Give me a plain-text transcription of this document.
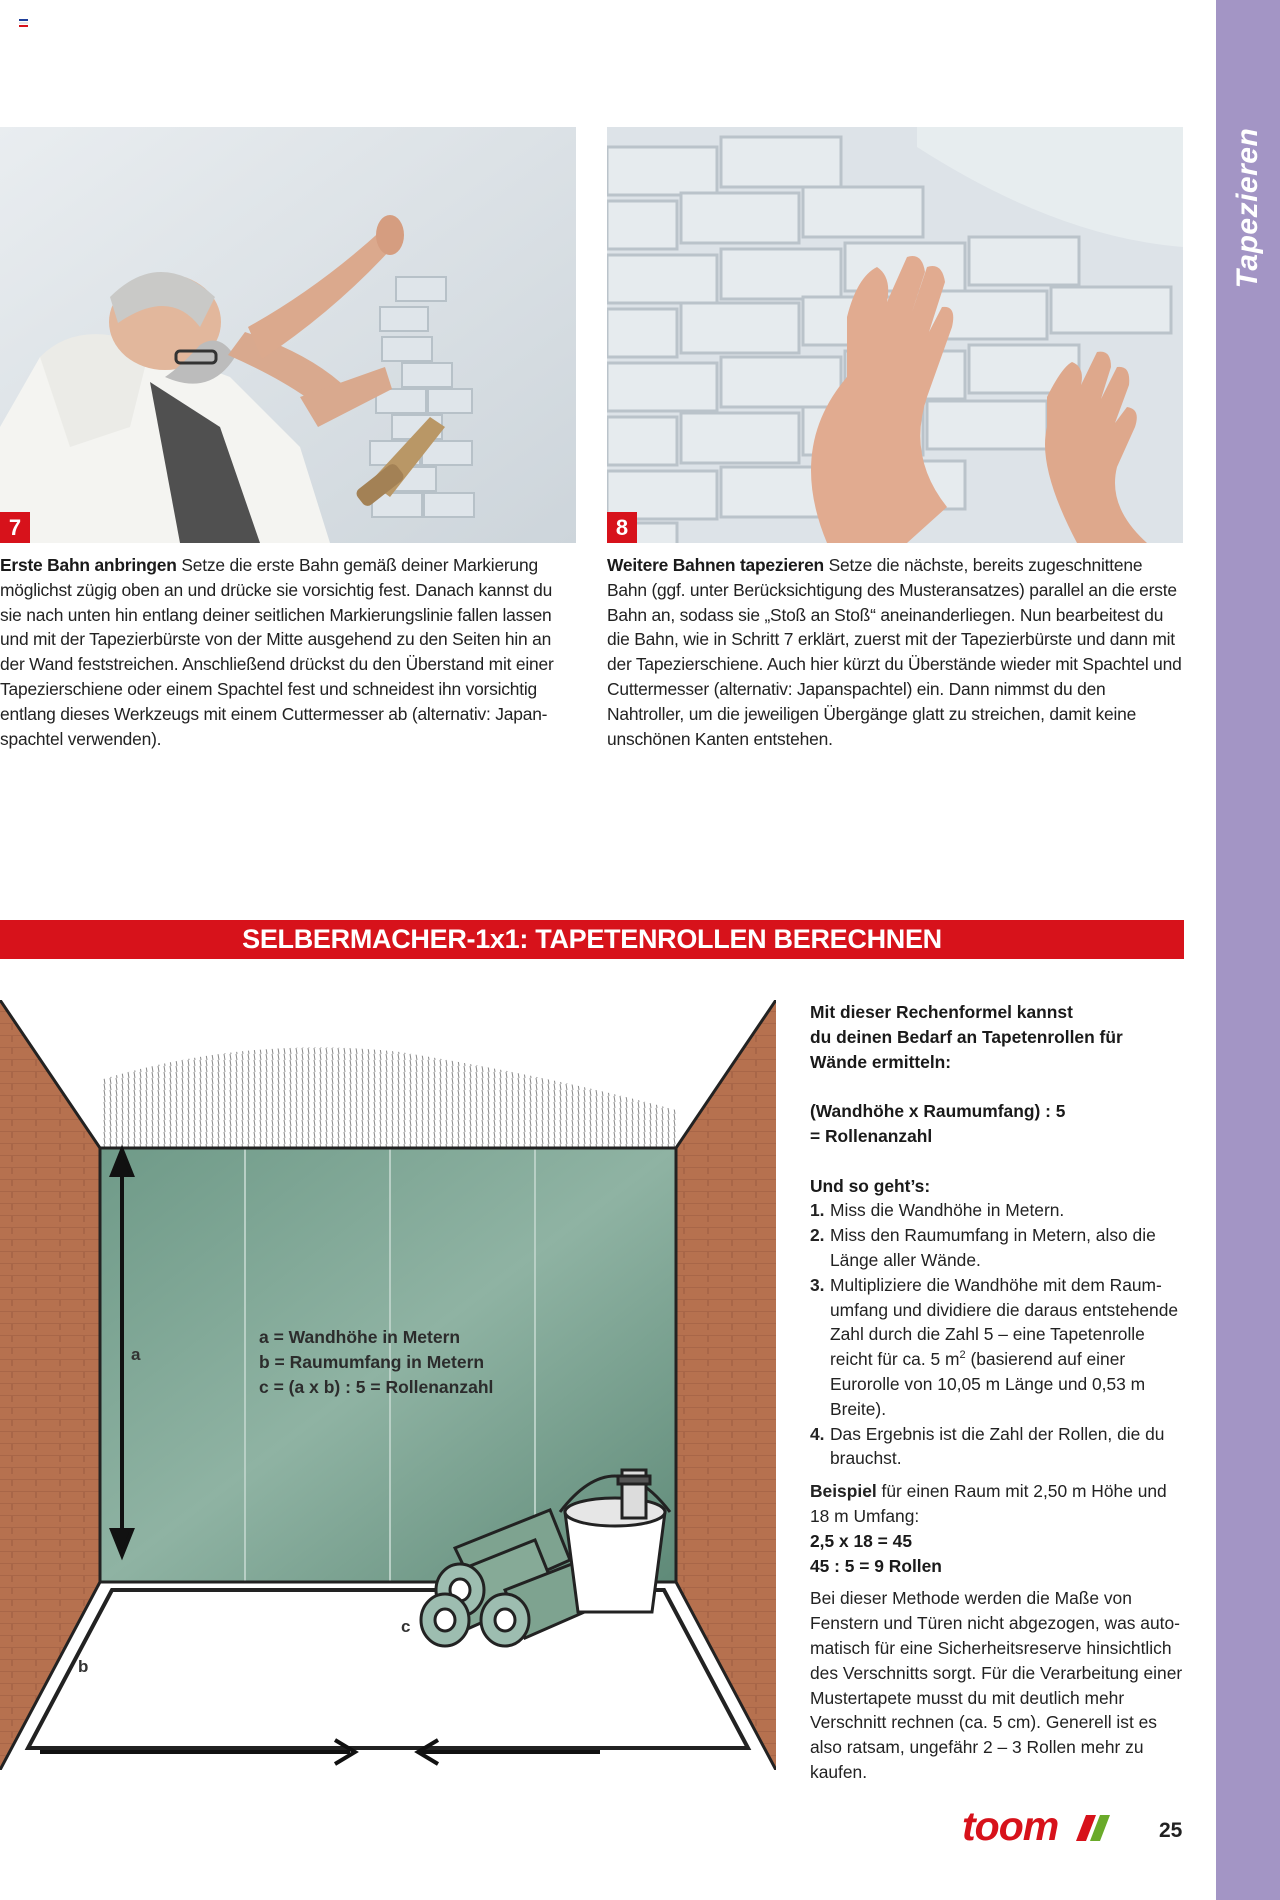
Tapezieren
7	8
Erste Bahn anbringen Setze die erste Bahn gemäß deiner Markierung möglichst zügig oben an und drücke sie vorsichtig fest. Danach kannst du sie nach unten hin entlang deiner seitlichen Markierungslinie fallen lassen und mit der Tapezierbürste von der Mitte ausgehend zu den Seiten hin an der Wand feststreichen. Anschließend drückst du den Überstand mit einer Tapezierschiene oder einem Spachtel fest und schneidest ihn vorsichtig entlang dieses Werkzeugs mit einem Cuttermesser ab (alternativ: Japan-spachtel verwenden).
Weitere Bahnen tapezieren Setze die nächste, bereits zugeschnittene Bahn (ggf. unter Berücksichtigung des Musteransatzes) parallel an die erste Bahn an, sodass sie „Stoß an Stoß“ aneinanderliegen. Nun bearbeitest du die Bahn, wie in Schritt 7 erklärt, zuerst mit der Tapezierbürste und dann mit der Tapezierschiene. Auch hier kürzt du Überstände wieder mit Spachtel und Cuttermesser (alternativ: Japanspachtel) ein. Dann nimmst du den Nahtroller, um die jeweiligen Übergänge glatt zu streichen, damit keine unschönen Kanten entstehen.
SELBERMACHER-1x1: TAPETENROLLEN BERECHNEN
a
b
c
a = Wandhöhe in Metern
b = Raumumfang in Metern
c = (a x b) : 5 = Rollenanzahl
Mit dieser Rechenformel kannst
du deinen Bedarf an Tapetenrollen für
Wände ermitteln:
(Wandhöhe x Raumumfang) : 5
= Rollenanzahl
Und so geht’s:
1. Miss die Wandhöhe in Metern.
2. Miss den Raumumfang in Metern, also die Länge aller Wände.
3. Multipliziere die Wandhöhe mit dem Raum-umfang und dividiere die daraus entstehende Zahl durch die Zahl 5 – eine Tapetenrolle reicht für ca. 5 $m^2$ (basierend auf einer Eurorolle von 10,05 m Länge und 0,53 m Breite).
4. Das Ergebnis ist die Zahl der Rollen, die du brauchst.
Beispiel für einen Raum mit 2,50 m Höhe und 18 m Umfang:
2,5 x 18 = 45
45 : 5 = 9 Rollen
Bei dieser Methode werden die Maße von Fenstern und Türen nicht abgezogen, was auto-matisch für eine Sicherheitsreserve hinsichtlich des Verschnitts sorgt. Für die Verarbeitung einer Mustertapete musst du mit deutlich mehr Verschnitt rechnen (ca. 5 cm). Generell ist es also ratsam, ungefähr 2 – 3 Rollen mehr zu kaufen.
toom	25
